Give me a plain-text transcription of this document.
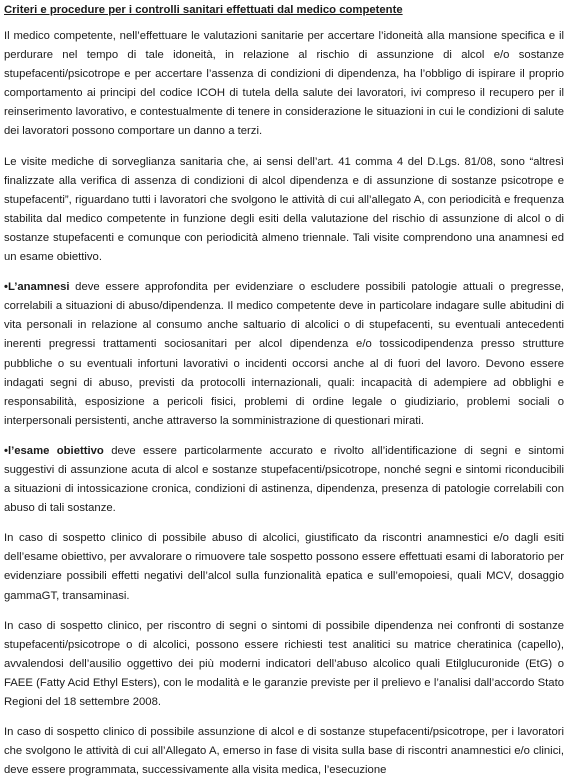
Criteri e procedure per i controlli sanitari effettuati dal medico competente

Il medico competente, nell’effettuare le valutazioni sanitarie per accertare l’idoneità alla mansione specifica e il perdurare nel tempo di tale idoneità, in relazione al rischio di assunzione di alcol e/o sostanze stupefacenti/psicotrope e per accertare l’assenza di condizioni di dipendenza, ha l’obbligo di ispirare il proprio comportamento ai principi del codice ICOH di tutela della salute dei lavoratori, ivi compreso il recupero per il reinserimento lavorativo, e contestualmente di tenere in considerazione le situazioni in cui le condizioni di salute dei lavoratori possono comportare un danno a terzi.

Le visite mediche di sorveglianza sanitaria che, ai sensi dell’art. 41 comma 4 del D.Lgs. 81/08, sono “altresì finalizzate alla verifica di assenza di condizioni di alcol dipendenza e di assunzione di sostanze psicotrope e stupefacenti”, riguardano tutti i lavoratori che svolgono le attività di cui all’allegato A, con periodicità e frequenza stabilita dal medico competente in funzione degli esiti della valutazione del rischio di assunzione di alcol o di sostanze stupefacenti e comunque con periodicità almeno triennale. Tali visite comprendono una anamnesi ed un esame obiettivo.

•L’anamnesi deve essere approfondita per evidenziare o escludere possibili patologie attuali o pregresse, correlabili a situazioni di abuso/dipendenza. Il medico competente deve in particolare indagare sulle abitudini di vita personali in relazione al consumo anche saltuario di alcolici o di stupefacenti, su eventuali antecedenti inerenti pregressi trattamenti sociosanitari per alcol dipendenza e/o tossicodipendenza presso strutture pubbliche o su eventuali infortuni lavorativi o incidenti occorsi anche al di fuori del lavoro. Devono essere indagati segni di abuso, previsti da protocolli internazionali, quali: incapacità di adempiere ad obblighi e responsabilità, esposizione a pericoli fisici, problemi di ordine legale o giudiziario, problemi sociali o interpersonali persistenti, anche attraverso la somministrazione di questionari mirati.

•l’esame obiettivo deve essere particolarmente accurato e rivolto all’identificazione di segni e sintomi suggestivi di assunzione acuta di alcol e sostanze stupefacenti/psicotrope, nonché segni e sintomi riconducibili a situazioni di intossicazione cronica, condizioni di astinenza, dipendenza, presenza di patologie correlabili con abuso di tali sostanze.

In caso di sospetto clinico di possibile abuso di alcolici, giustificato da riscontri anamnestici e/o dagli esiti dell’esame obiettivo, per avvalorare o rimuovere tale sospetto possono essere effettuati esami di laboratorio per evidenziare possibili effetti negativi dell’alcol sulla funzionalità epatica e sull’emopoiesi, quali MCV, dosaggio gammaGT, transaminasi.

In caso di sospetto clinico, per riscontro di segni o sintomi di possibile dipendenza nei confronti di sostanze stupefacenti/psicotrope o di alcolici, possono essere richiesti test analitici su matrice cheratinica (capello), avvalendosi dell’ausilio oggettivo dei più moderni indicatori dell’abuso alcolico quali Etilglucuronide (EtG) o FAEE (Fatty Acid Ethyl Esters), con le modalità e le garanzie previste per il prelievo e l’analisi dall’accordo Stato Regioni del 18 settembre 2008.

In caso di sospetto clinico di possibile assunzione di alcol e di sostanze stupefacenti/psicotrope, per i lavoratori che svolgono le attività di cui all’Allegato A, emerso in fase di visita sulla base di riscontri anamnestici e/o clinici, deve essere programmata, successivamente alla visita medica, l’esecuzione
